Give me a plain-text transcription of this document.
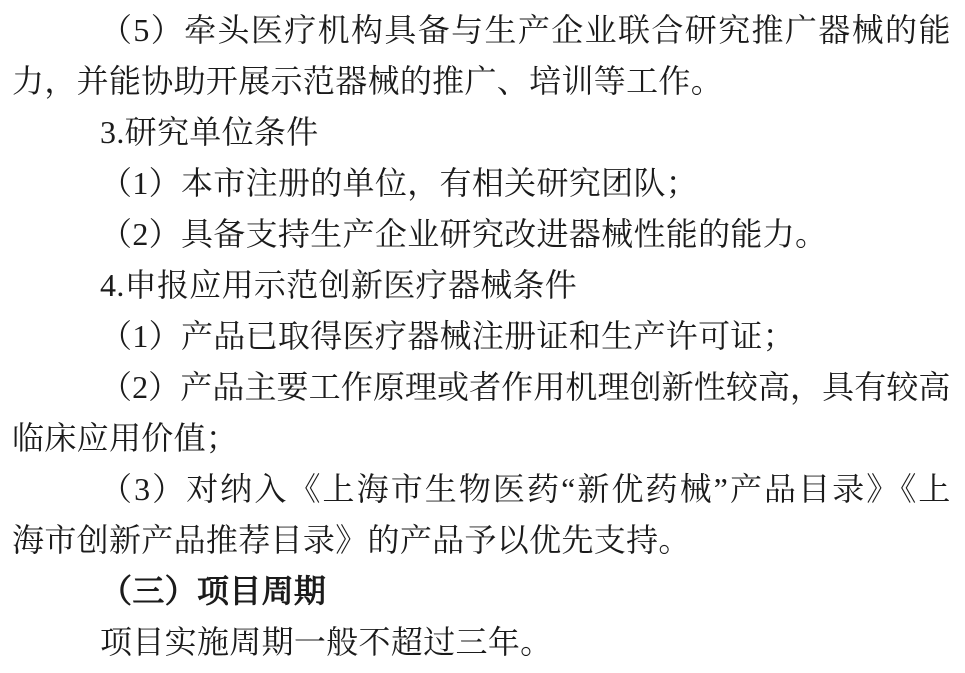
（5）牵头医疗机构具备与生产企业联合研究推广器械的能
力，并能协助开展示范器械的推广、培训等工作。
3.研究单位条件
（1）本市注册的单位，有相关研究团队；
（2）具备支持生产企业研究改进器械性能的能力。
4.申报应用示范创新医疗器械条件
（1）产品已取得医疗器械注册证和生产许可证；
（2）产品主要工作原理或者作用机理创新性较高，具有较高
临床应用价值；
（3）对纳入《上海市生物医药“新优药械”产品目录》《上
海市创新产品推荐目录》的产品予以优先支持。
（三）项目周期
项目实施周期一般不超过三年。
